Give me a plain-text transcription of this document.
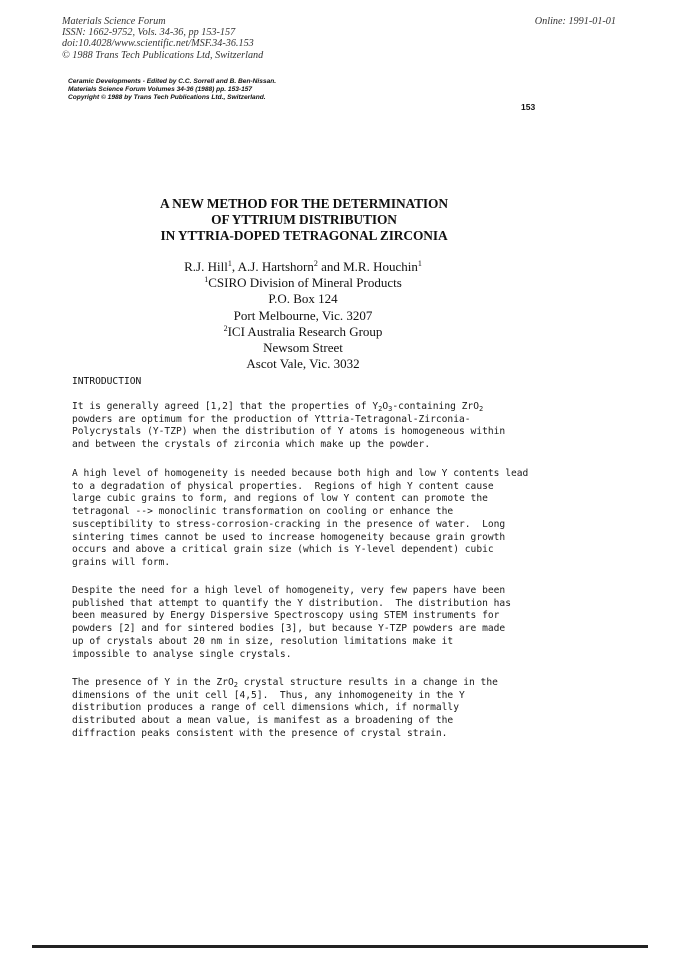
Materials Science Forum
ISSN: 1662-9752, Vols. 34-36, pp 153-157
doi:10.4028/www.scientific.net/MSF.34-36.153
© 1988 Trans Tech Publications Ltd, Switzerland
Online: 1991-01-01
Ceramic Developments - Edited by C.C. Sorrell and B. Ben-Nissan.
Materials Science Forum Volumes 34-36 (1988) pp. 153-157
Copyright © 1988 by Trans Tech Publications Ltd., Switzerland.
153
A NEW METHOD FOR THE DETERMINATION
OF YTTRIUM DISTRIBUTION
IN YTTRIA-DOPED TETRAGONAL ZIRCONIA
R.J. Hill$^1$, A.J. Hartshorn$^2$ and M.R. Houchin$^1$
$^1$CSIRO Division of Mineral Products
P.O. Box 124
Port Melbourne, Vic. 3207
$^2$ICI Australia Research Group
Newsom Street
Ascot Vale, Vic. 3032
INTRODUCTION
It is generally agreed [1,2] that the properties of $Y_2O_3$-containing ZrO$_2$
powders are optimum for the production of Yttria-Tetragonal-Zirconia-
Polycrystals (Y-TZP) when the distribution of Y atoms is homogeneous within
and between the crystals of zirconia which make up the powder.
A high level of homogeneity is needed because both high and low Y contents lead
to a degradation of physical properties.  Regions of high Y content cause
large cubic grains to form, and regions of low Y content can promote the
tetragonal --> monoclinic transformation on cooling or enhance the
susceptibility to stress-corrosion-cracking in the presence of water.  Long
sintering times cannot be used to increase homogeneity because grain growth
occurs and above a critical grain size (which is Y-level dependent) cubic
grains will form.
Despite the need for a high level of homogeneity, very few papers have been
published that attempt to quantify the Y distribution.  The distribution has
been measured by Energy Dispersive Spectroscopy using STEM instruments for
powders [2] and for sintered bodies [3], but because Y-TZP powders are made
up of crystals about 20 nm in size, resolution limitations make it
impossible to analyse single crystals.
The presence of Y in the ZrO$_2$ crystal structure results in a change in the
dimensions of the unit cell [4,5].  Thus, any inhomogeneity in the Y
distribution produces a range of cell dimensions which, if normally
distributed about a mean value, is manifest as a broadening of the
diffraction peaks consistent with the presence of crystal strain.
